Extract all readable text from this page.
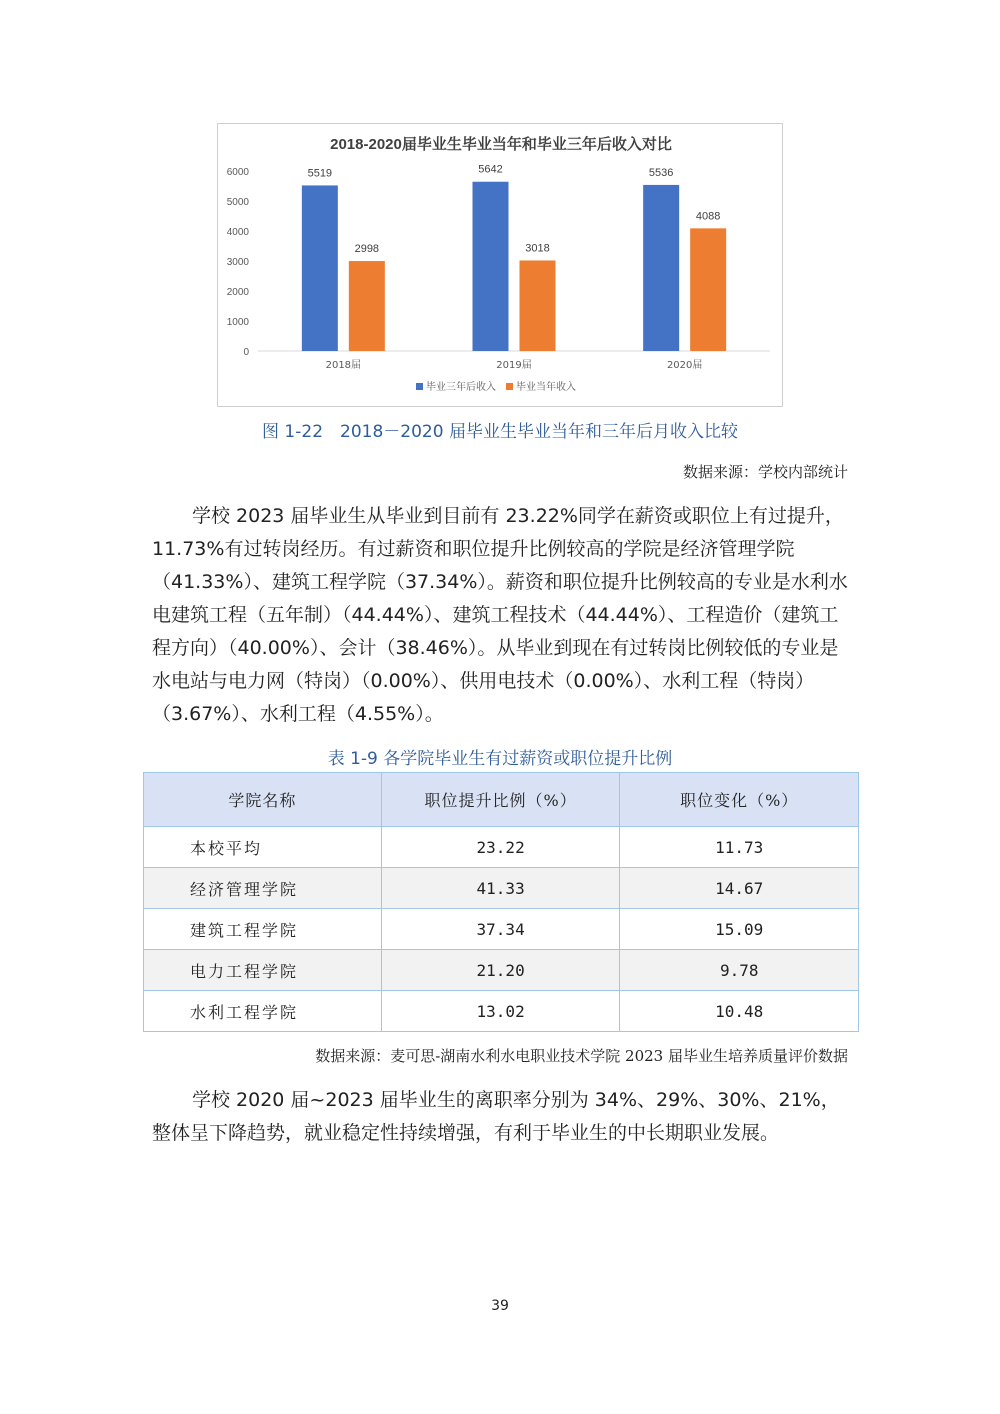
2018-2020届毕业生毕业当年和毕业三年后收入对比
0
1000
2000
3000
4000
5000
6000	5519
2998
2018届
5642
3018
2019届
5536
4088
2020届
毕业三年后收入 毕业当年收入
图 1-22　2018－2020 届毕业生毕业当年和三年后月收入比较
数据来源：学校内部统计

学校 2023 届毕业生从毕业到目前有 23.22%同学在薪资或职位上有过提升，11.73%有过转岗经历。有过薪资和职位提升比例较高的学院是经济管理学院（41.33%）、建筑工程学院（37.34%）。薪资和职位提升比例较高的专业是水利水电建筑工程（五年制）（44.44%）、建筑工程技术（44.44%）、工程造价（建筑工程方向）（40.00%）、会计（38.46%）。从毕业到现在有过转岗比例较低的专业是水电站与电力网（特岗）（0.00%）、供用电技术（0.00%）、水利工程（特岗）（3.67%）、水利工程（4.55%）。

表 1-9 各学院毕业生有过薪资或职位提升比例
学院名称	职位提升比例（%）	职位变化（%）
本校平均	23.22	11.73
经济管理学院	41.33	14.67
建筑工程学院	37.34	15.09
电力工程学院	21.20	9.78
水利工程学院	13.02	10.48
数据来源：麦可思-湖南水利水电职业技术学院 2023 届毕业生培养质量评价数据

学校 2020 届~2023 届毕业生的离职率分别为 34%、29%、30%、21%，整体呈下降趋势，就业稳定性持续增强，有利于毕业生的中长期职业发展。

39
